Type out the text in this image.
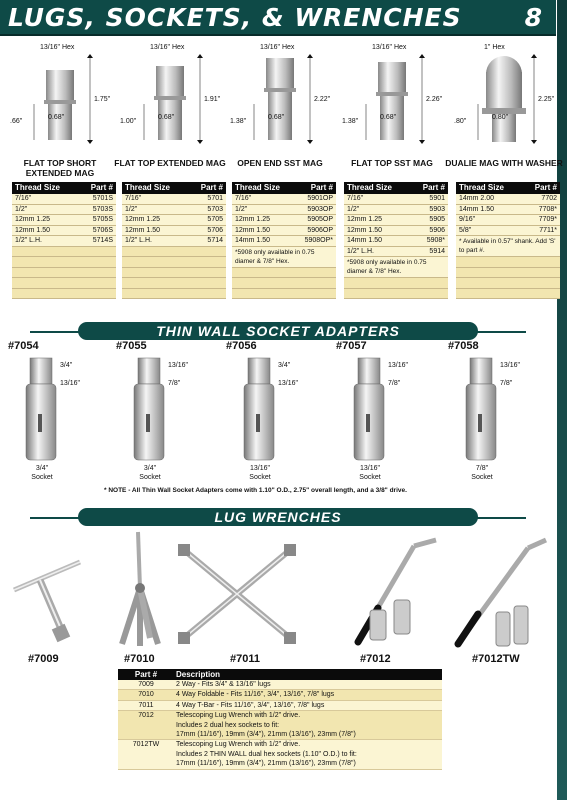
LUGS, SOCKETS, & WRENCHES	8
13/16" Hex
1.75"
.66"
0.68"
FLAT TOP SHORT EXTENDED MAG
Thread Size	Part #
7/16"	5701S
1/2"	5703S
12mm 1.25	5705S
12mm 1.50	5706S
1/2" L.H.	5714S
13/16" Hex
1.91"
1.00"
0.68"
FLAT TOP EXTENDED MAG
Thread Size	Part #
7/16"	5701
1/2"	5703
12mm 1.25	5705
12mm 1.50	5706
1/2" L.H.	5714
13/16" Hex
2.22"
1.38"
0.68"
OPEN END SST MAG
Thread Size	Part #
7/16"	5901OP
1/2"	5903OP
12mm 1.25	5905OP
12mm 1.50	5906OP
14mm 1.50	5908OP*
*5908 only available in 0.75 diamer & 7/8" Hex.
13/16" Hex
2.26"
1.38"
0.68"
FLAT TOP SST MAG
Thread Size	Part #
7/16"	5901
1/2"	5903
12mm 1.25	5905
12mm 1.50	5906
14mm 1.50	5908*
1/2" L.H.	5914
*5908 only available in 0.75 diamer & 7/8" Hex.
1" Hex
2.25"
.80"
0.80"
DUALIE MAG WITH WASHER
Thread Size	Part #
14mm 2.00	7702
14mm 1.50	7708*
9/16"	7709*
5/8"	7711*
* Available in 0.57" shank. Add 'S' to part #.
THIN WALL SOCKET ADAPTERS
#7054
3/4"
13/16"
3/4"
Socket
#7055
13/16"
7/8"
3/4"
Socket
#7056
3/4"
13/16"
13/16"
Socket
#7057
13/16"
7/8"
13/16"
Socket
#7058
13/16"
7/8"
7/8"
Socket
* NOTE - All Thin Wall Socket Adapters come with 1.10" O.D., 2.75" overall length, and a 3/8" drive.
LUG WRENCHES
#7009	#7010	#7011	#7012	#7012TW
Part #	Description
7009	2 Way - Fits 3/4" & 13/16" lugs
7010	4 Way Foldable - Fits 11/16", 3/4", 13/16", 7/8" lugs
7011	4 Way T-Bar - Fits 11/16", 3/4", 13/16", 7/8" lugs
7012	Telescoping Lug Wrench with 1/2" drive.
Includes 2 dual hex sockets to fit:
17mm (11/16"), 19mm (3/4"), 21mm (13/16"), 23mm (7/8")
7012TW	Telescoping Lug Wrench with 1/2" drive.
Includes 2 THIN WALL dual hex sockets (1.10" O.D.) to fit:
17mm (11/16"), 19mm (3/4"), 21mm (13/16"), 23mm (7/8")
